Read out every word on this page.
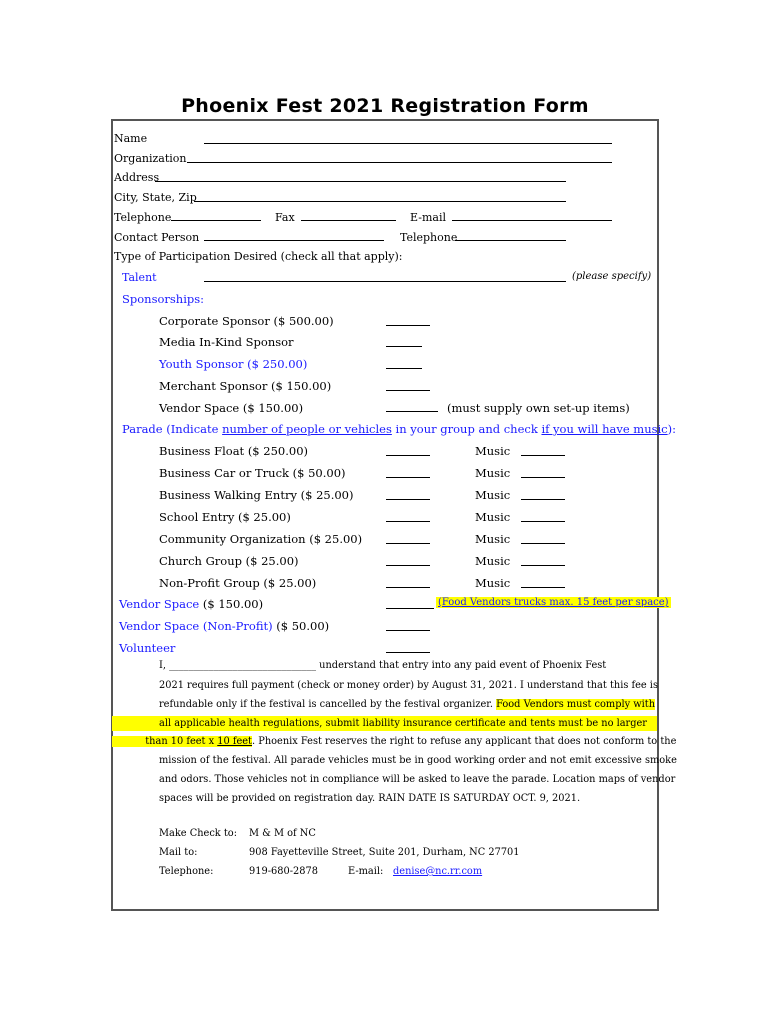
Phoenix Fest 2021 Registration Form
Name
Organization
Address
City, State, Zip
Telephone	Fax	E-mail
Contact Person	Telephone
Type of Participation Desired (check all that apply):
Talent	(please specify)
Sponsorships:
Corporate Sponsor ($ 500.00)
Media In-Kind Sponsor
Youth Sponsor ($ 250.00)
Merchant Sponsor ($ 150.00)
Vendor Space ($ 150.00)	(must supply own set-up items)
Parade (Indicate number of people or vehicles in your group and check if you will have music):
Business Float ($ 250.00)	Music
Business Car or Truck ($ 50.00)	Music
Business Walking Entry ($ 25.00)	Music
School Entry ($ 25.00)	Music
Community Organization ($ 25.00)	Music
Church Group ($ 25.00)	Music
Non-Profit Group ($ 25.00)	Music
Vendor Space ($ 150.00)	(Food Vendors trucks max. 15 feet per space)
Vendor Space (Non-Profit) ($ 50.00)
Volunteer
I, ______________________________ understand that entry into any paid event of Phoenix Fest
2021 requires full payment (check or money order) by August 31, 2021. I understand that this fee is
refundable only if the festival is cancelled by the festival organizer. Food Vendors must comply with
all applicable health regulations, submit liability insurance certificate and tents must be no larger
than 10 feet x 10 feet. Phoenix Fest reserves the right to refuse any applicant that does not conform to the
mission of the festival. All parade vehicles must be in good working order and not emit excessive smoke
and odors. Those vehicles not in compliance will be asked to leave the parade. Location maps of vendor
spaces will be provided on registration day. RAIN DATE IS SATURDAY OCT. 9, 2021.
Make Check to: M & M of NC
Mail to:	908 Fayetteville Street, Suite 201, Durham, NC 27701
Telephone:	919-680-2878	E-mail: denise@nc.rr.com
